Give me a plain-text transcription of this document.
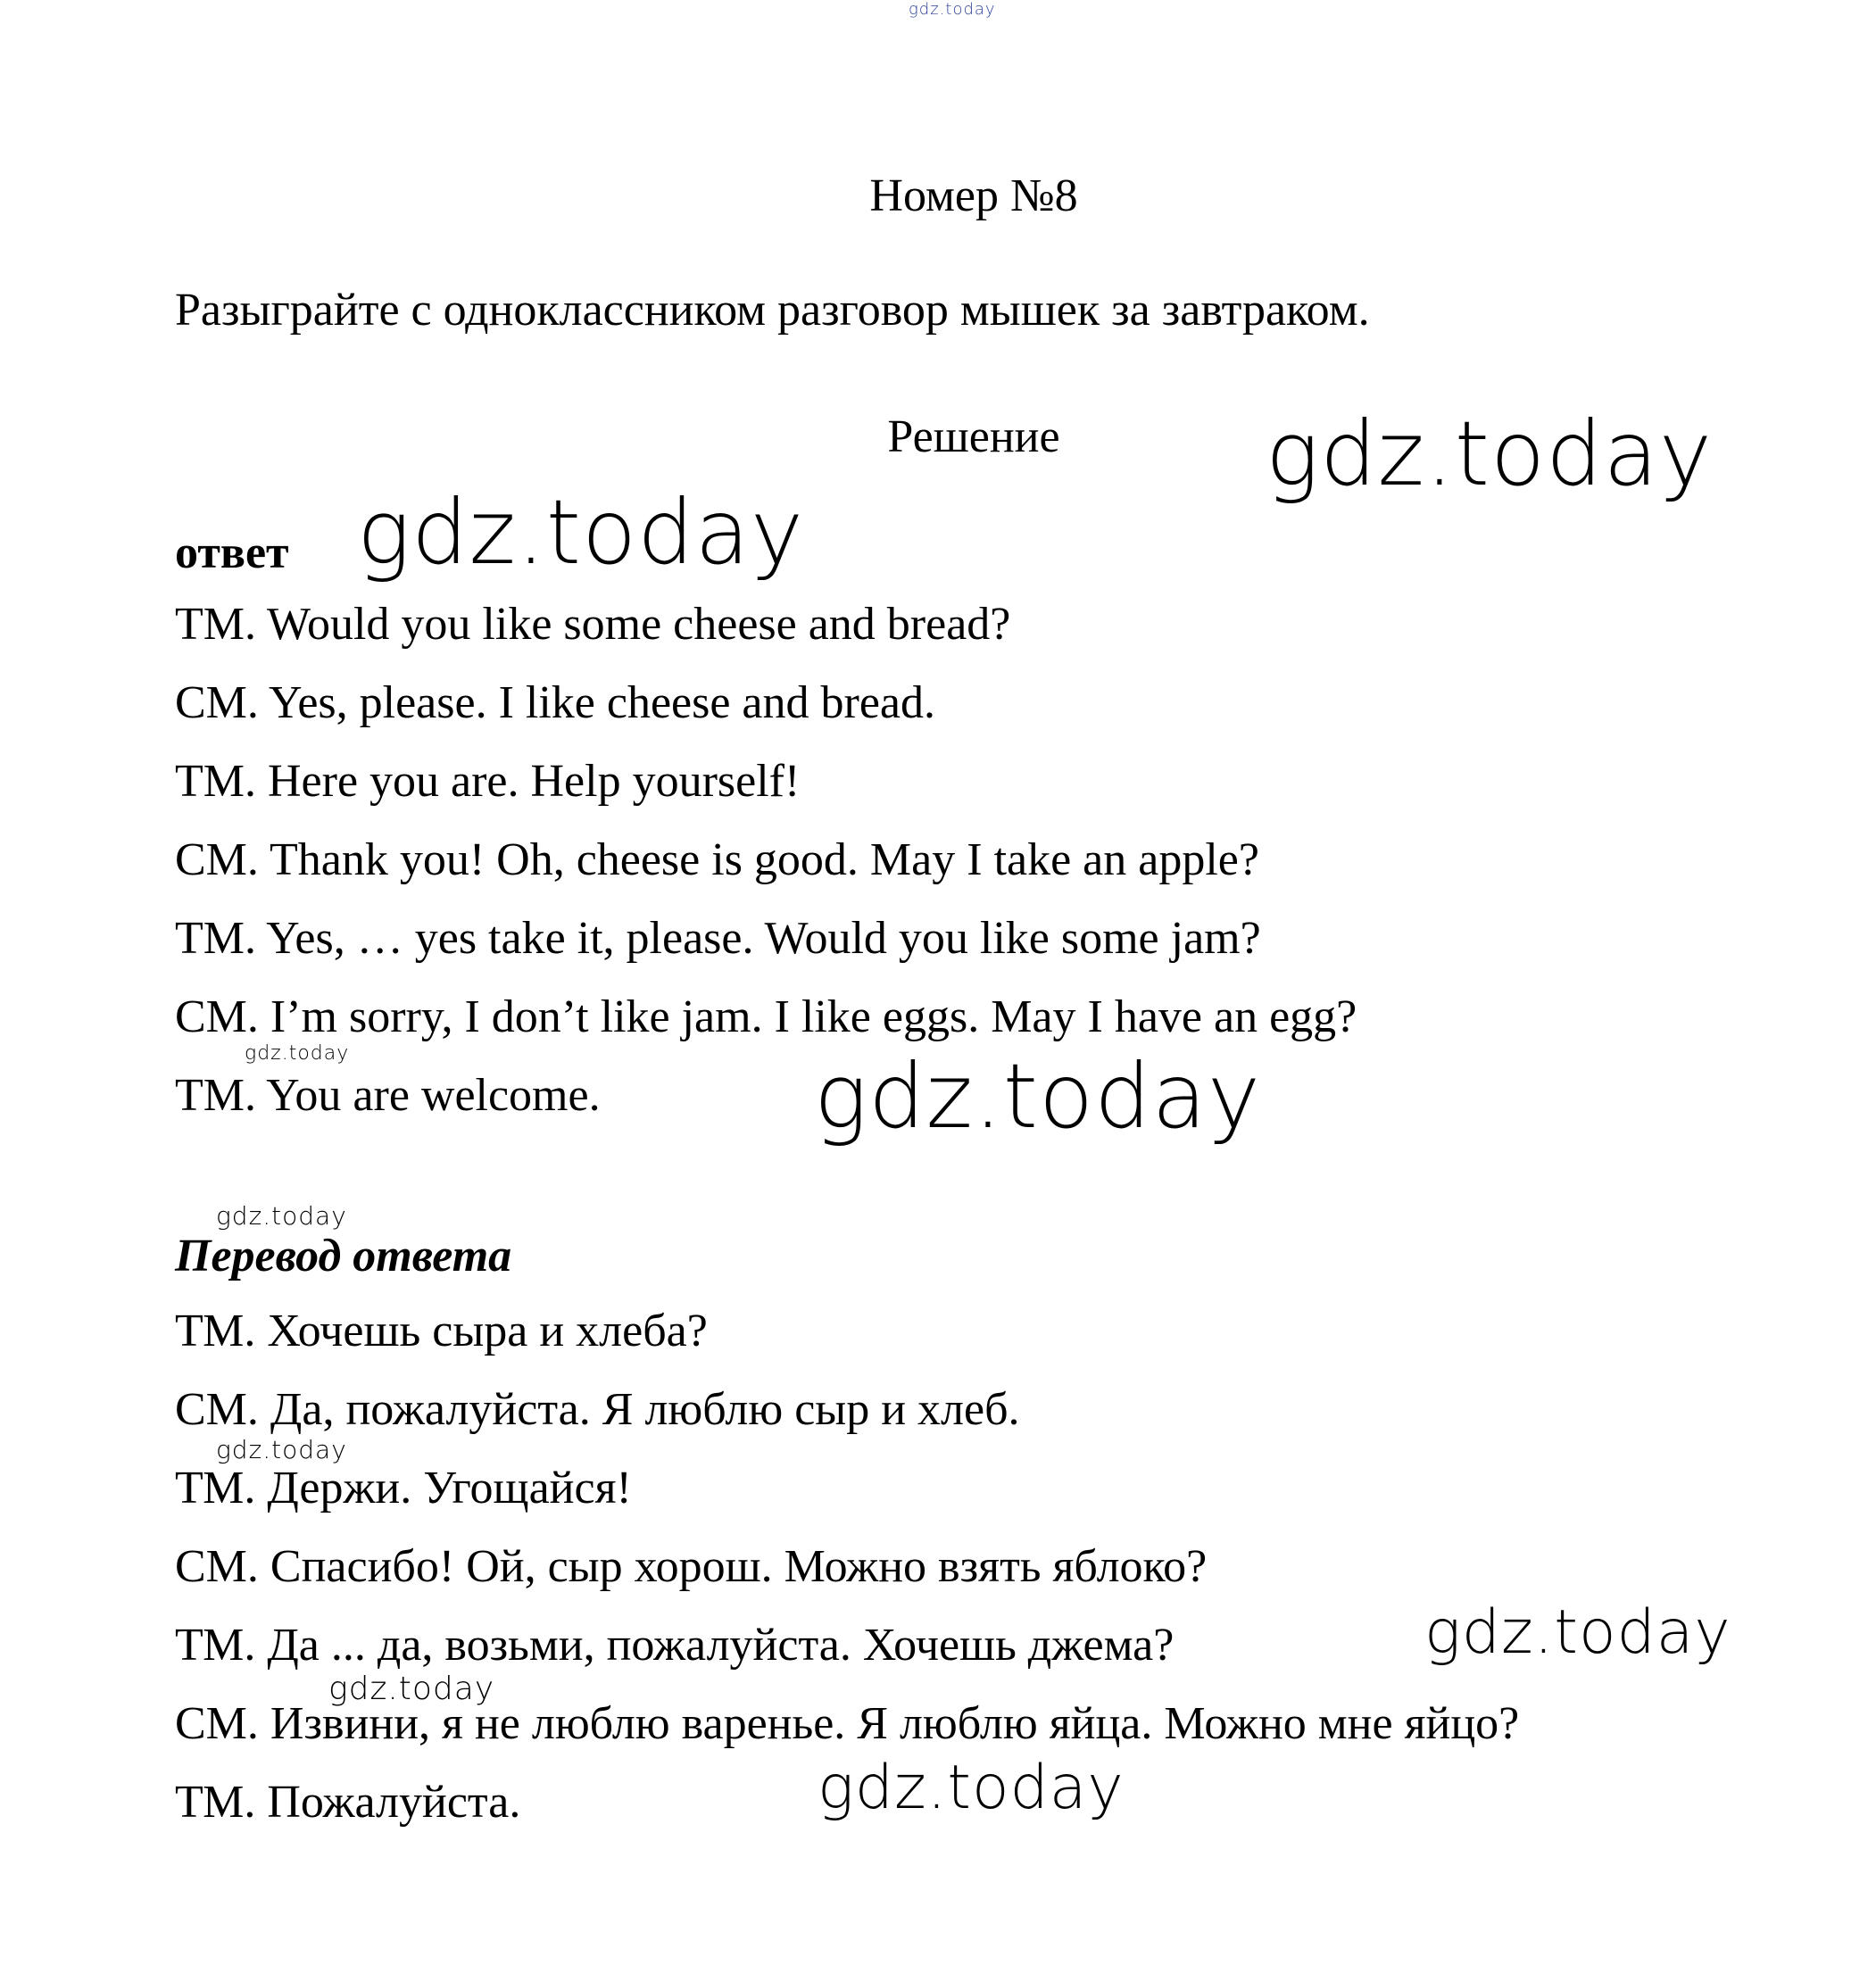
Номер №8
Разыграйте с одноклассником разговор мышек за завтраком.
Решение
ответ
TM. Would you like some cheese and bread?
CM. Yes, please. I like cheese and bread.
TM. Here you are. Help yourself!
CM. Thank you! Oh, cheese is good. May I take an apple?
TM. Yes, … yes take it, please. Would you like some jam?
CM. I’m sorry, I don’t like jam. I like eggs. May I have an egg?
TM. You are welcome.
Перевод ответа
ТМ. Хочешь сыра и хлеба?
СМ. Да, пожалуйста. Я люблю сыр и хлеб.
ТМ. Держи. Угощайся!
СМ. Спасибо! Ой, сыр хорош. Можно взять яблоко?
ТМ. Да ... да, возьми, пожалуйста. Хочешь джема?
СМ. Извини, я не люблю варенье. Я люблю яйца. Можно мне яйцо?
ТМ. Пожалуйста.
gdz.today
gdz.today
gdz.today
gdz.today
gdz.today
gdz.today
gdz.today
gdz.today
gdz.today
gdz.today
